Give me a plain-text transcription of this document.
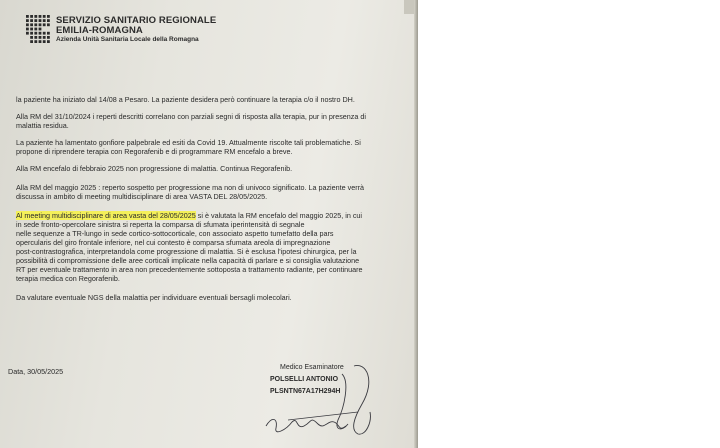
SERVIZIO SANITARIO REGIONALE
EMILIA-ROMAGNA
Azienda Unità Sanitaria Locale della Romagna

la paziente ha iniziato dal 14/08 a Pesaro. La paziente desidera però continuare la terapia c/o il nostro DH.

Alla RM del 31/10/2024 i reperti descritti correlano con parziali segni di risposta alla terapia, pur in presenza di

malattia residua.

La paziente ha lamentato gonfiore palpebrale ed esiti da Covid 19. Attualmente riscolte tali problematiche. Si

propone di riprendere terapia con Regorafenib e di programmare RM encefalo a breve.

Alla RM encefalo di febbraio 2025 non progressione di malattia. Continua Regorafenib.

Alla RM del maggio 2025 : reperto sospetto per progressione ma non di univoco significato. La paziente verrà

discussa in ambito di meeting multidisciplinare di area VASTA DEL 28/05/2025.

Al meeting multidisciplinare di area vasta del 28/05/2025 si è valutata la RM encefalo del maggio 2025, in cui

in sede fronto-opercolare sinistra si reperta la comparsa di sfumata iperintensità di segnale

nelle sequenze a TR-lungo in sede cortico-sottocorticale, con associato aspetto tumefatto della pars

opercularis del giro frontale inferiore, nel cui contesto è comparsa sfumata areola di impregnazione

post-contrastografica, interpretandola come progressione di malattia. Si è esclusa l'ipotesi chirurgica, per la

possibilità di compromissione delle aree corticali implicate nella capacità di parlare e si consiglia valutazione

RT per eventuale trattamento in area non precedentemente sottoposta a trattamento radiante, per continuare

terapia medica con Regorafenib.

Da valutare eventuale NGS della malattia per individuare eventuali bersagli molecolari.

Data, 30/05/2025	Medico Esaminatore
POLSELLI ANTONIO
PLSNTN67A17H294H
